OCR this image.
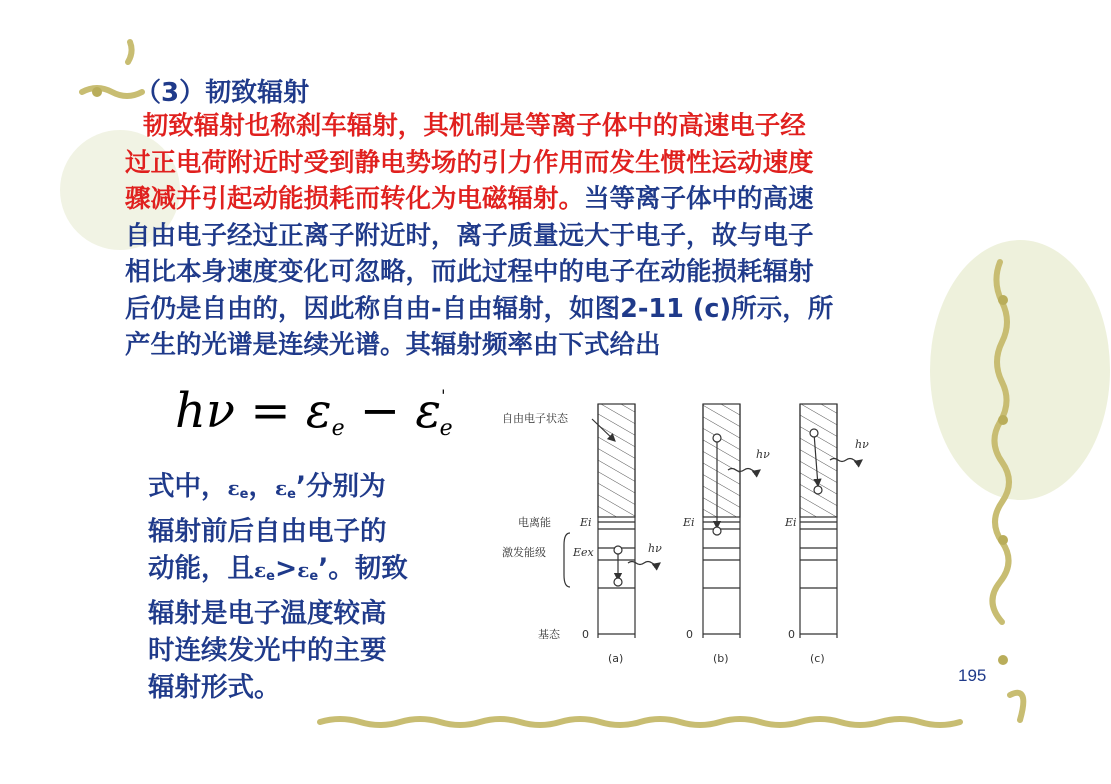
（3）韧致辐射
韧致辐射也称刹车辐射，其机制是等离子体中的高速电子经
过正电荷附近时受到静电势场的引力作用而发生惯性运动速度
骤减并引起动能损耗而转化为电磁辐射。当等离子体中的高速
自由电子经过正离子附近时，离子质量远大于电子，故与电子
相比本身速度变化可忽略，而此过程中的电子在动能损耗辐射
后仍是自由的，因此称自由-自由辐射，如图2-11 (c)所示，所
产生的光谱是连续光谱。其辐射频率由下式给出
$h\nu = \varepsilon_e - \varepsilon'_e$
式中，$\varepsilon_e$，$\varepsilon_e$’分别为
辐射前后自由电子的
动能，且$\varepsilon_e>\varepsilon_e$’。韧致
辐射是电子温度较高
时连续发光中的主要
辐射形式。
自由电子状态
电离能
激发能级
基态
Ei
Eex
Ei	Ei
hν
hν
hν
0	0	0
(a)	(b)	(c)
195
